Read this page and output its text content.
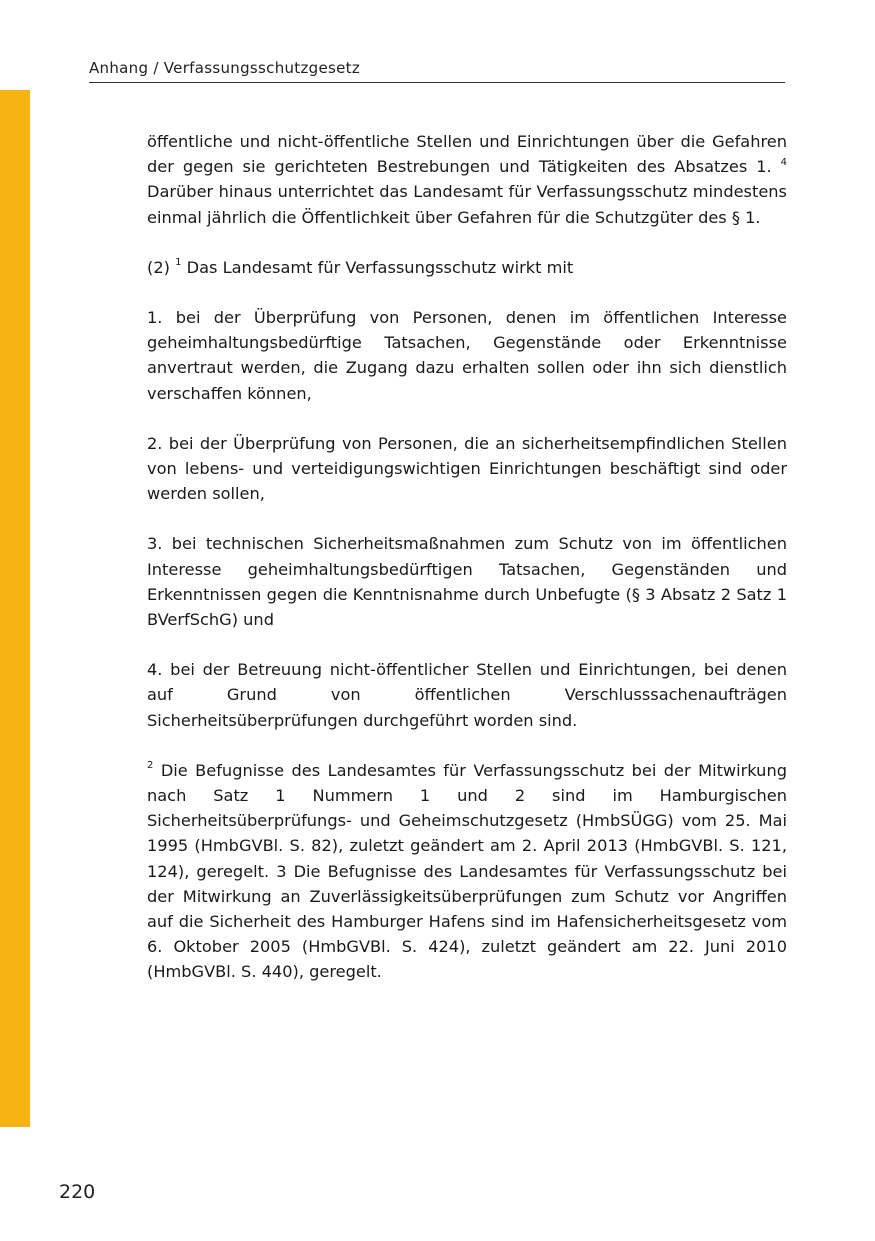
Anhang / Verfassungsschutzgesetz

öffentliche und nicht-öffentliche Stellen und Einrichtungen über die Gefahren der gegen sie gerichteten Bestrebungen und Tätigkeiten des Absatzes 1. $^4$ Darüber hinaus unterrichtet das Landesamt für Verfassungsschutz mindestens einmal jährlich die Öffentlichkeit über Gefahren für die Schutzgüter des § 1.

(2) $^1$ Das Landesamt für Verfassungsschutz wirkt mit

1. bei der Überprüfung von Personen, denen im öffentlichen Interesse geheimhaltungsbedürftige Tatsachen, Gegenstände oder Erkenntnisse anvertraut werden, die Zugang dazu erhalten sollen oder ihn sich dienstlich verschaffen können,

2. bei der Überprüfung von Personen, die an sicherheitsempfindlichen Stellen von lebens- und verteidigungswichtigen Einrichtungen beschäftigt sind oder werden sollen,

3. bei technischen Sicherheitsmaßnahmen zum Schutz von im öffentlichen Interesse geheimhaltungsbedürftigen Tatsachen, Gegenständen und Erkenntnissen gegen die Kenntnisnahme durch Unbefugte (§ 3 Absatz 2 Satz 1 BVerfSchG) und

4. bei der Betreuung nicht-öffentlicher Stellen und Einrichtungen, bei denen auf Grund von öffentlichen Verschlusssachenaufträgen Sicherheitsüberprüfungen durchgeführt worden sind.

$^2$ Die Befugnisse des Landesamtes für Verfassungsschutz bei der Mitwirkung nach Satz 1 Nummern 1 und 2 sind im Hamburgischen Sicherheitsüberprüfungs- und Geheimschutzgesetz (HmbSÜGG) vom 25. Mai 1995 (HmbGVBl. S. 82), zuletzt geändert am 2. April 2013 (HmbGVBl. S. 121, 124), geregelt. 3 Die Befugnisse des Landesamtes für Verfassungsschutz bei der Mitwirkung an Zuverlässigkeitsüberprüfungen zum Schutz vor Angriffen auf die Sicherheit des Hamburger Hafens sind im Hafensicherheitsgesetz vom 6. Oktober 2005 (HmbGVBl. S. 424), zuletzt geändert am 22. Juni 2010 (HmbGVBl. S. 440), geregelt.

220
